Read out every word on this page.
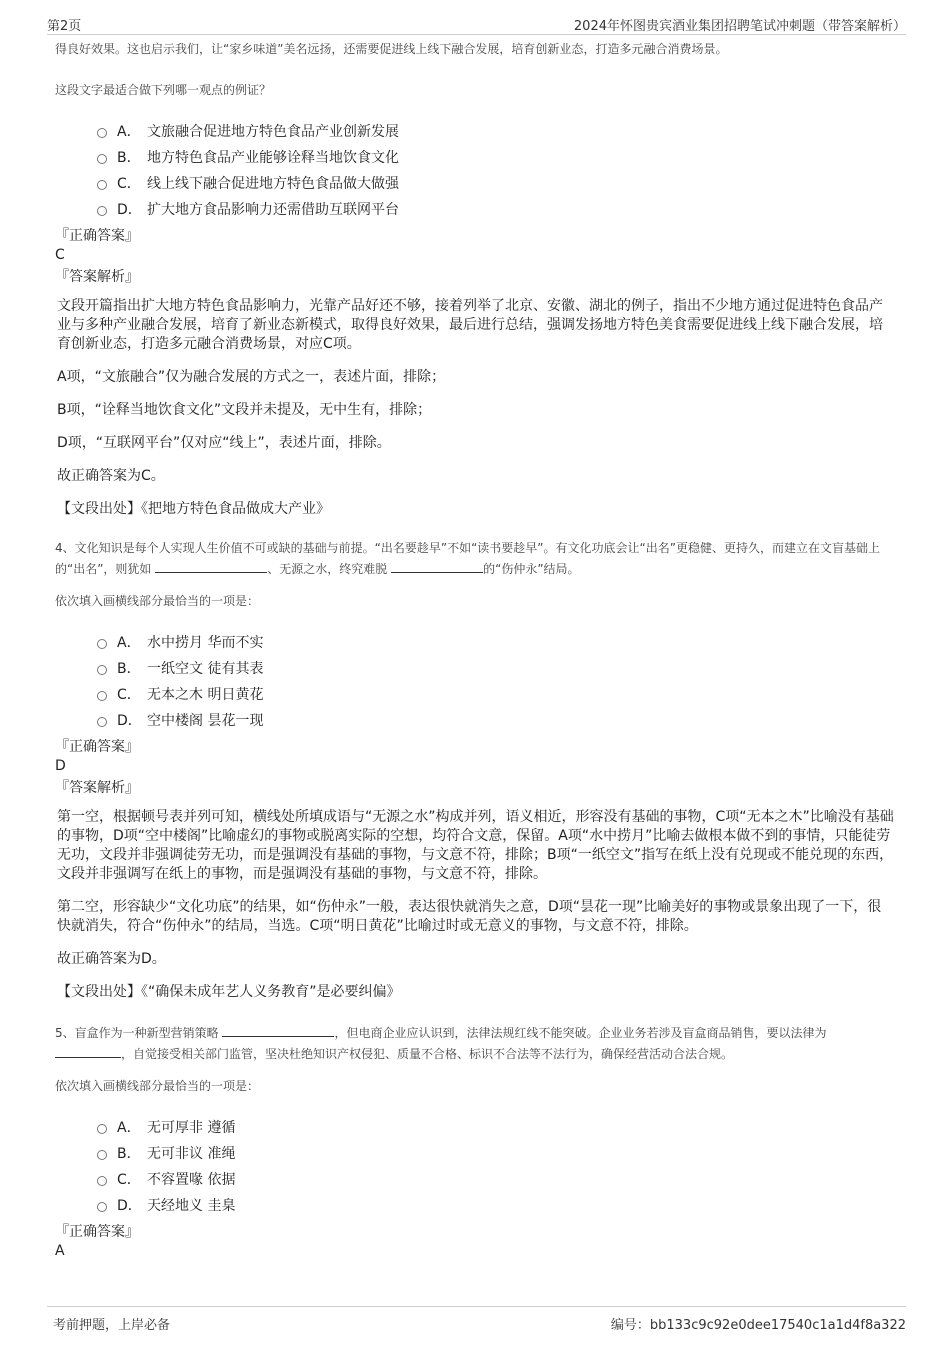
第2页	2024年怀图贵宾酒业集团招聘笔试冲刺题（带答案解析）
得良好效果。这也启示我们，让“家乡味道”美名远扬，还需要促进线上线下融合发展，培育创新业态，打造多元融合消费场景。
这段文字最适合做下列哪一观点的例证？
A． 文旅融合促进地方特色食品产业创新发展
B． 地方特色食品产业能够诠释当地饮食文化
C． 线上线下融合促进地方特色食品做大做强
D． 扩大地方食品影响力还需借助互联网平台
『正确答案』
C
『答案解析』
文段开篇指出扩大地方特色食品影响力，光靠产品好还不够，接着列举了北京、安徽、湖北的例子，指出不少地方通过促进特色食品产业与多种产业融合发展，培育了新业态新模式，取得良好效果，最后进行总结，强调发扬地方特色美食需要促进线上线下融合发展，培育创新业态，打造多元融合消费场景，对应C项。
A项，“文旅融合”仅为融合发展的方式之一，表述片面，排除；
B项，“诠释当地饮食文化”文段并未提及，无中生有，排除；
D项，“互联网平台”仅对应“线上”，表述片面，排除。
故正确答案为C。
【文段出处】《把地方特色食品做成大产业》
4、文化知识是每个人实现人生价值不可或缺的基础与前提。“出名要趁早”不如“读书要趁早”。有文化功底会让“出名”更稳健、更持久，而建立在文盲基础上的“出名”，则犹如	、无源之水，终究难脱	的“伤仲永”结局。
依次填入画横线部分最恰当的一项是：
A． 水中捞月 华而不实
B． 一纸空文 徒有其表
C． 无本之木 明日黄花
D． 空中楼阁 昙花一现
『正确答案』
D
『答案解析』
第一空，根据顿号表并列可知，横线处所填成语与“无源之水”构成并列，语义相近，形容没有基础的事物，C项“无本之木”比喻没有基础的事物，D项“空中楼阁”比喻虚幻的事物或脱离实际的空想，均符合文意，保留。A项“水中捞月”比喻去做根本做不到的事情，只能徒劳无功，文段并非强调徒劳无功，而是强调没有基础的事物，与文意不符，排除；B项“一纸空文”指写在纸上没有兑现或不能兑现的东西，文段并非强调写在纸上的事物，而是强调没有基础的事物，与文意不符，排除。
第二空，形容缺少“文化功底”的结果，如“伤仲永”一般，表达很快就消失之意，D项“昙花一现”比喻美好的事物或景象出现了一下，很快就消失，符合“伤仲永”的结局，当选。C项“明日黄花”比喻过时或无意义的事物，与文意不符，排除。
故正确答案为D。
【文段出处】《“确保未成年艺人义务教育”是必要纠偏》
5、盲盒作为一种新型营销策略	，但电商企业应认识到，法律法规红线不能突破。企业业务若涉及盲盒商品销售，要以法律为 ，自觉接受相关部门监管，坚决杜绝知识产权侵犯、质量不合格、标识不合法等不法行为，确保经营活动合法合规。
依次填入画横线部分最恰当的一项是：
A． 无可厚非 遵循
B． 无可非议 准绳
C． 不容置喙 依据
D． 天经地义 圭臬
『正确答案』
A
考前押题，上岸必备	编号：bb133c9c92e0dee17540c1a1d4f8a322
